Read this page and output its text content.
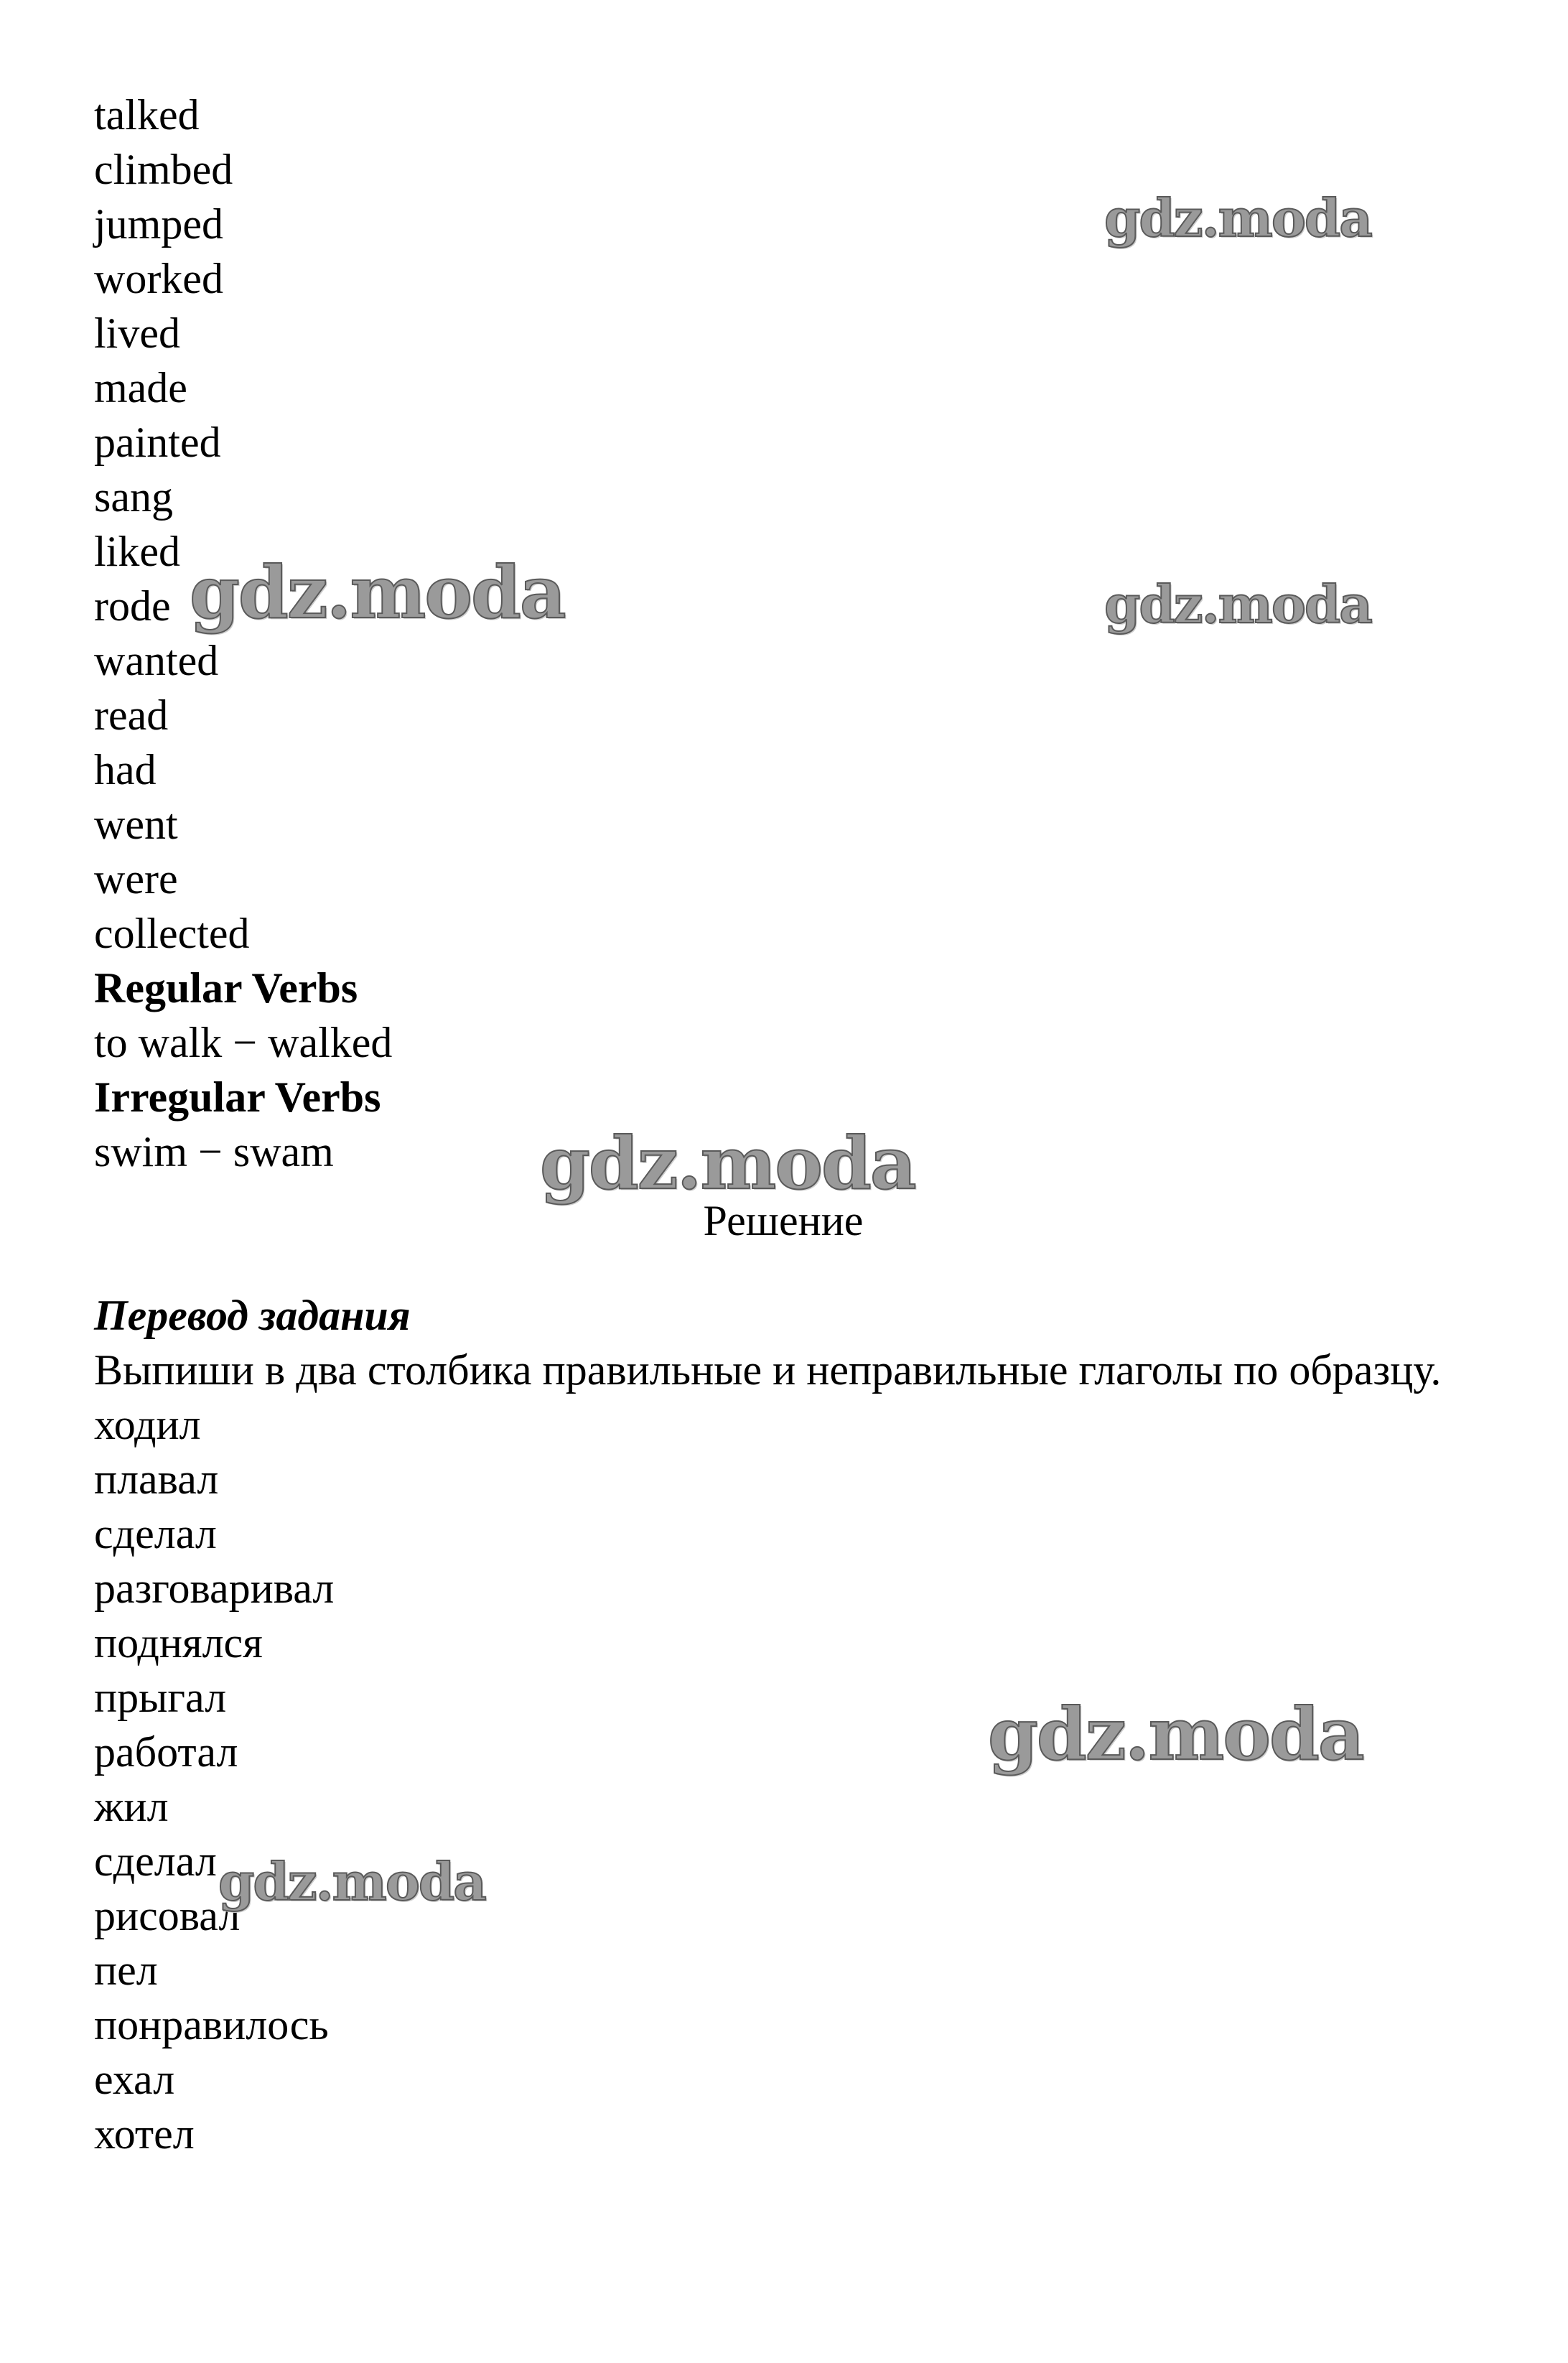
talked
climbed
jumped
worked
lived
made
painted
sang
liked
rode
wanted
read
had
went
were
collected
Regular Verbs
to walk − walked
Irregular Verbs
swim − swam
Решение
Перевод задания
Выпиши в два столбика правильные и неправильные глаголы по образцу.
ходил
плавал
сделал
разговаривал
поднялся
прыгал
работал
жил
сделал
рисовал
пел
понравилось
ехал
хотел
gdz.moda
gdz.moda	gdz.moda
gdz.moda
gdz.moda
gdz.moda
